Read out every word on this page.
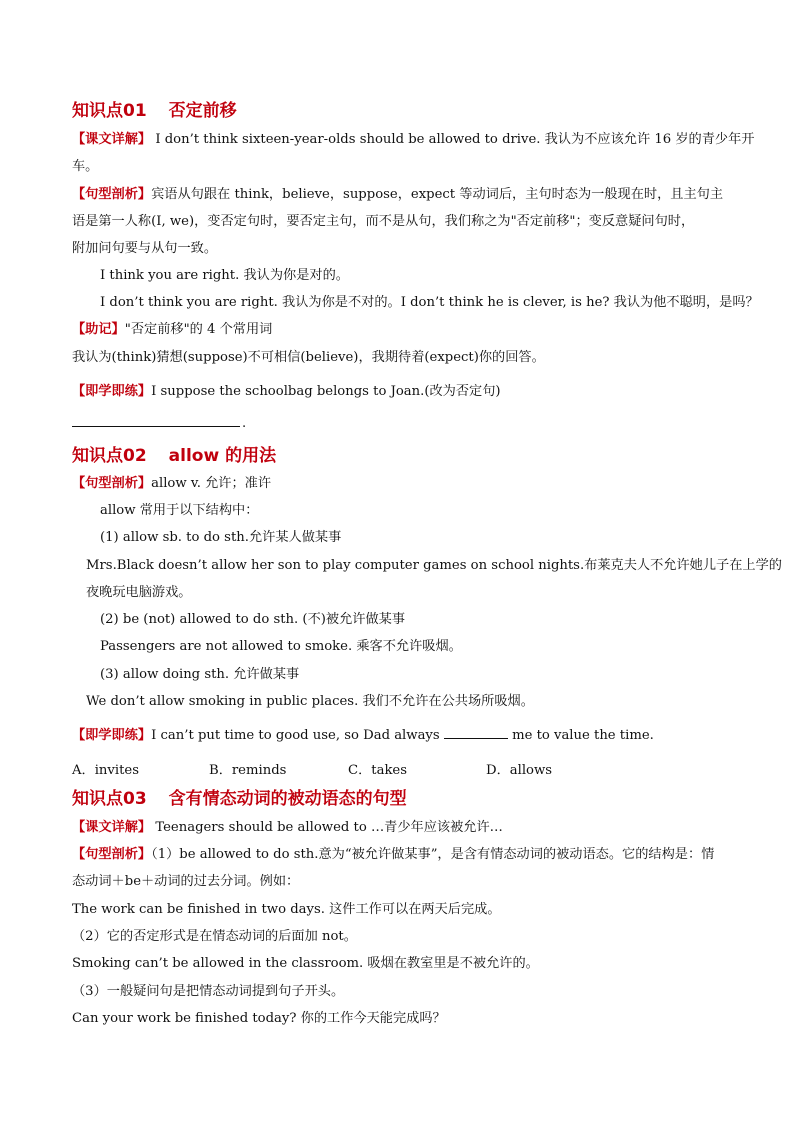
知识点01 否定前移
【课文详解】 I don’t think sixteen-year-olds should be allowed to drive. 我认为不应该允许 16 岁的青少年开
车。
【句型剖析】宾语从句跟在 think，believe，suppose，expect 等动词后，主句时态为一般现在时，且主句主
语是第一人称(I, we)，变否定句时，要否定主句，而不是从句，我们称之为"否定前移"；变反意疑问句时，
附加问句要与从句一致。
I think you are right. 我认为你是对的。
I don’t think you are right. 我认为你是不对的。I don’t think he is clever, is he? 我认为他不聪明，是吗？
【助记】"否定前移"的 4 个常用词
我认为(think)猜想(suppose)不可相信(believe)，我期待着(expect)你的回答。
【即学即练】I suppose the schoolbag belongs to Joan.(改为否定句)
.
知识点02 allow 的用法
【句型剖析】allow v. 允许；准许
allow 常用于以下结构中：
(1) allow sb. to do sth.允许某人做某事
Mrs.Black doesn’t allow her son to play computer games on school nights.布莱克夫人不允许她儿子在上学的
夜晚玩电脑游戏。
(2) be (not) allowed to do sth. (不)被允许做某事
Passengers are not allowed to smoke. 乘客不允许吸烟。
(3) allow doing sth. 允许做某事
We don’t allow smoking in public places. 我们不允许在公共场所吸烟。
【即学即练】I can’t put time to good use, so Dad always	me to value the time.
A．invites	B．reminds	C．takes	D．allows
知识点03 含有情态动词的被动语态的句型
【课文详解】 Teenagers should be allowed to …青少年应该被允许…
【句型剖析】（1）be allowed to do sth.意为“被允许做某事”，是含有情态动词的被动语态。它的结构是：情
态动词＋be＋动词的过去分词。例如：
The work can be finished in two days. 这件工作可以在两天后完成。
（2）它的否定形式是在情态动词的后面加 not。
Smoking can’t be allowed in the classroom. 吸烟在教室里是不被允许的。
（3）一般疑问句是把情态动词提到句子开头。
Can your work be finished today? 你的工作今天能完成吗？
